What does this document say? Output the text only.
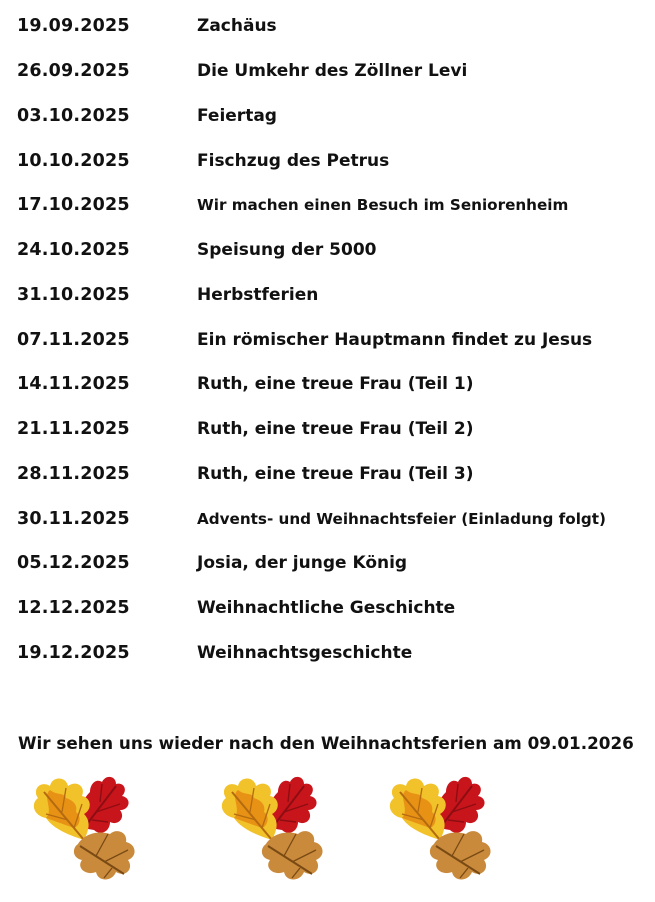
19.09.2025	Zachäus
26.09.2025	Die Umkehr des Zöllner Levi
03.10.2025	Feiertag
10.10.2025	Fischzug des Petrus
17.10.2025	Wir machen einen Besuch im Seniorenheim
24.10.2025	Speisung der 5000
31.10.2025	Herbstferien
07.11.2025	Ein römischer Hauptmann findet zu Jesus
14.11.2025	Ruth, eine treue Frau (Teil 1)
21.11.2025	Ruth, eine treue Frau (Teil 2)
28.11.2025	Ruth, eine treue Frau (Teil 3)
30.11.2025	Advents- und Weihnachtsfeier (Einladung folgt)
05.12.2025	Josia, der junge König
12.12.2025	Weihnachtliche Geschichte
19.12.2025	Weihnachtsgeschichte
Wir sehen uns wieder nach den Weihnachtsferien am 09.01.2026
